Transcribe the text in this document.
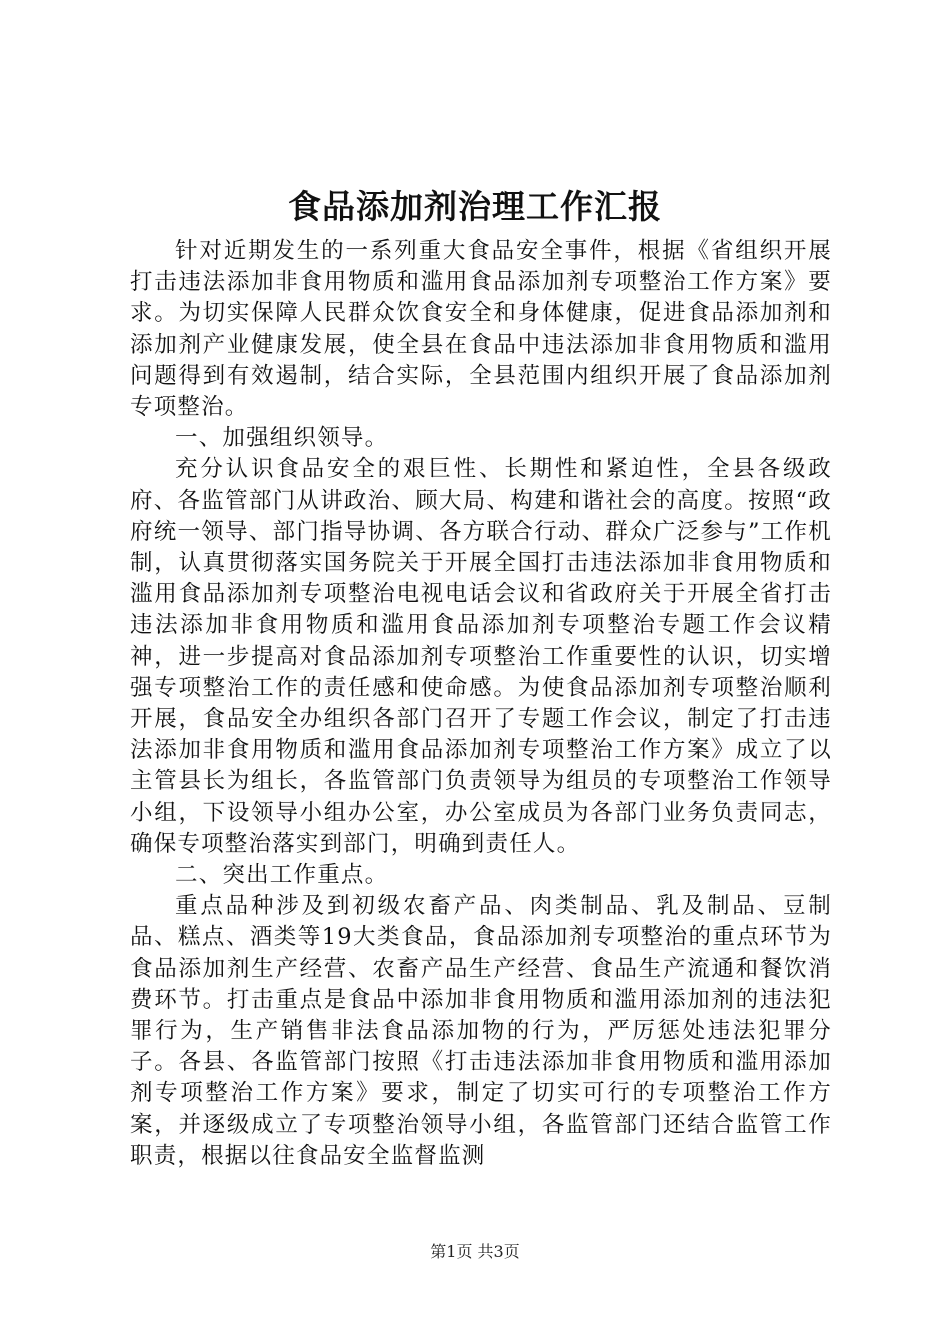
食品添加剂治理工作汇报

针对近期发生的一系列重大食品安全事件，根据《省组织开展打击违法添加非食用物质和滥用食品添加剂专项整治工作方案》要求。为切实保障人民群众饮食安全和身体健康，促进食品添加剂和添加剂产业健康发展，使全县在食品中违法添加非食用物质和滥用问题得到有效遏制，结合实际，全县范围内组织开展了食品添加剂专项整治。

一、加强组织领导。

充分认识食品安全的艰巨性、长期性和紧迫性，全县各级政府、各监管部门从讲政治、顾大局、构建和谐社会的高度。按照“政府统一领导、部门指导协调、各方联合行动、群众广泛参与”工作机制，认真贯彻落实国务院关于开展全国打击违法添加非食用物质和滥用食品添加剂专项整治电视电话会议和省政府关于开展全省打击违法添加非食用物质和滥用食品添加剂专项整治专题工作会议精神，进一步提高对食品添加剂专项整治工作重要性的认识，切实增强专项整治工作的责任感和使命感。为使食品添加剂专项整治顺利开展，食品安全办组织各部门召开了专题工作会议，制定了打击违法添加非食用物质和滥用食品添加剂专项整治工作方案》成立了以主管县长为组长，各监管部门负责领导为组员的专项整治工作领导小组，下设领导小组办公室，办公室成员为各部门业务负责同志，确保专项整治落实到部门，明确到责任人。

二、突出工作重点。

重点品种涉及到初级农畜产品、肉类制品、乳及制品、豆制品、糕点、酒类等19大类食品，食品添加剂专项整治的重点环节为食品添加剂生产经营、农畜产品生产经营、食品生产流通和餐饮消费环节。打击重点是食品中添加非食用物质和滥用添加剂的违法犯罪行为，生产销售非法食品添加物的行为，严厉惩处违法犯罪分子。各县、各监管部门按照《打击违法添加非食用物质和滥用添加剂专项整治工作方案》要求，制定了切实可行的专项整治工作方案，并逐级成立了专项整治领导小组，各监管部门还结合监管工作职责，根据以往食品安全监督监测

第1页 共3页
